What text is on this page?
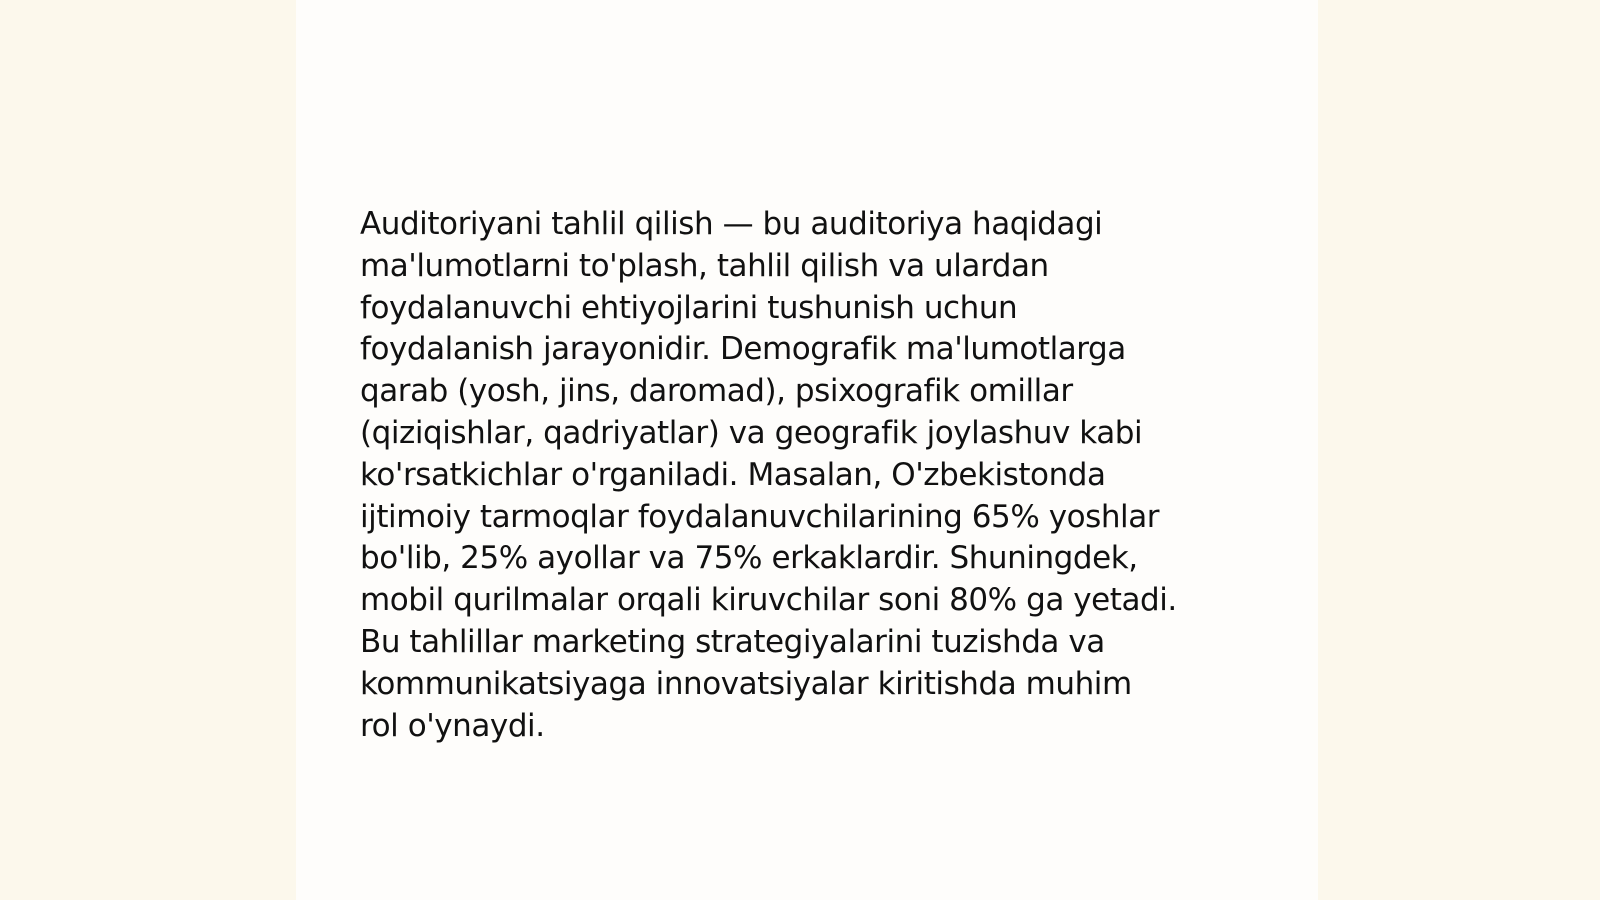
Auditoriyani tahlil qilish — bu auditoriya haqidagi
ma'lumotlarni to'plash, tahlil qilish va ulardan
foydalanuvchi ehtiyojlarini tushunish uchun
foydalanish jarayonidir. Demografik ma'lumotlarga
qarab (yosh, jins, daromad), psixografik omillar
(qiziqishlar, qadriyatlar) va geografik joylashuv kabi
ko'rsatkichlar o'rganiladi. Masalan, O'zbekistonda
ijtimoiy tarmoqlar foydalanuvchilarining 65% yoshlar
bo'lib, 25% ayollar va 75% erkaklardir. Shuningdek,
mobil qurilmalar orqali kiruvchilar soni 80% ga yetadi.
Bu tahlillar marketing strategiyalarini tuzishda va
kommunikatsiyaga innovatsiyalar kiritishda muhim
rol o'ynaydi.
